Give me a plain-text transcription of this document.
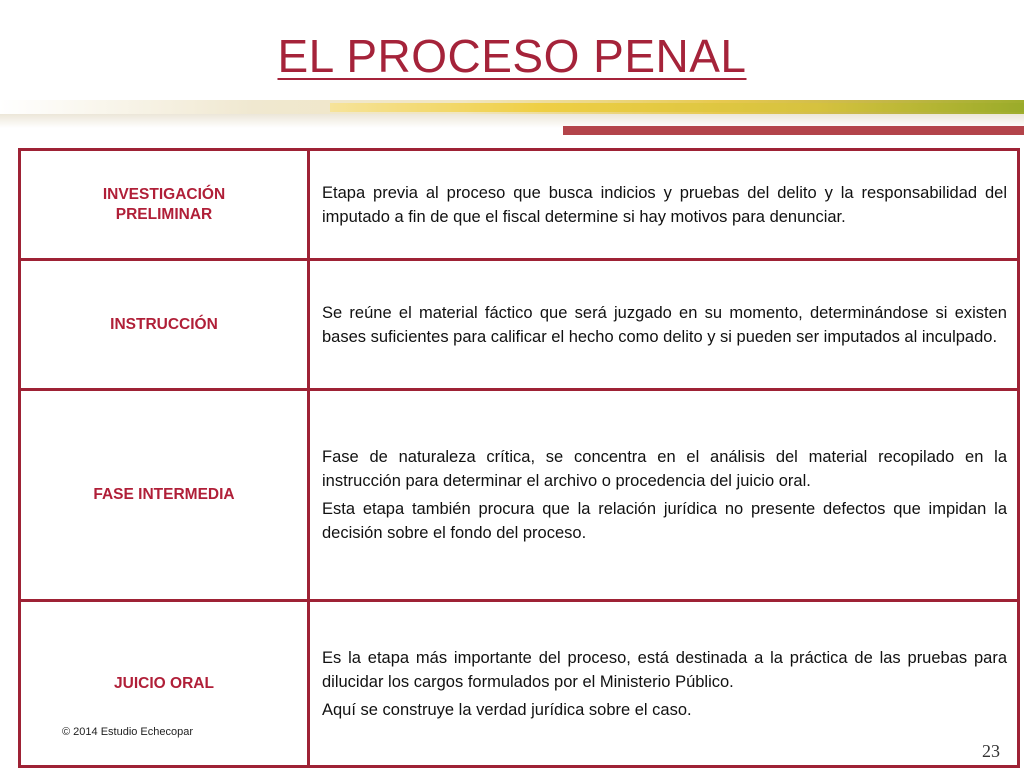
EL PROCESO PENAL
INVESTIGACIÓN PRELIMINAR

Etapa previa al proceso que busca indicios y pruebas del delito y la responsabilidad del imputado a fin de que el fiscal determine si hay motivos para denunciar.

INSTRUCCIÓN

Se reúne el material fáctico que será juzgado en su momento, determinándose si existen bases suficientes para calificar el hecho como delito y si pueden ser imputados al inculpado.

FASE INTERMEDIA

Fase de naturaleza crítica, se concentra en el análisis del material recopilado en la instrucción para determinar el archivo o procedencia del juicio oral.

Esta etapa también procura que la relación jurídica no presente defectos que impidan la decisión sobre el fondo del proceso.

JUICIO ORAL

Es la etapa más importante del proceso, está destinada a la práctica de las pruebas para dilucidar los cargos formulados por el Ministerio Público.

Aquí se construye la verdad jurídica sobre el caso.

© 2014 Estudio Echecopar
23
